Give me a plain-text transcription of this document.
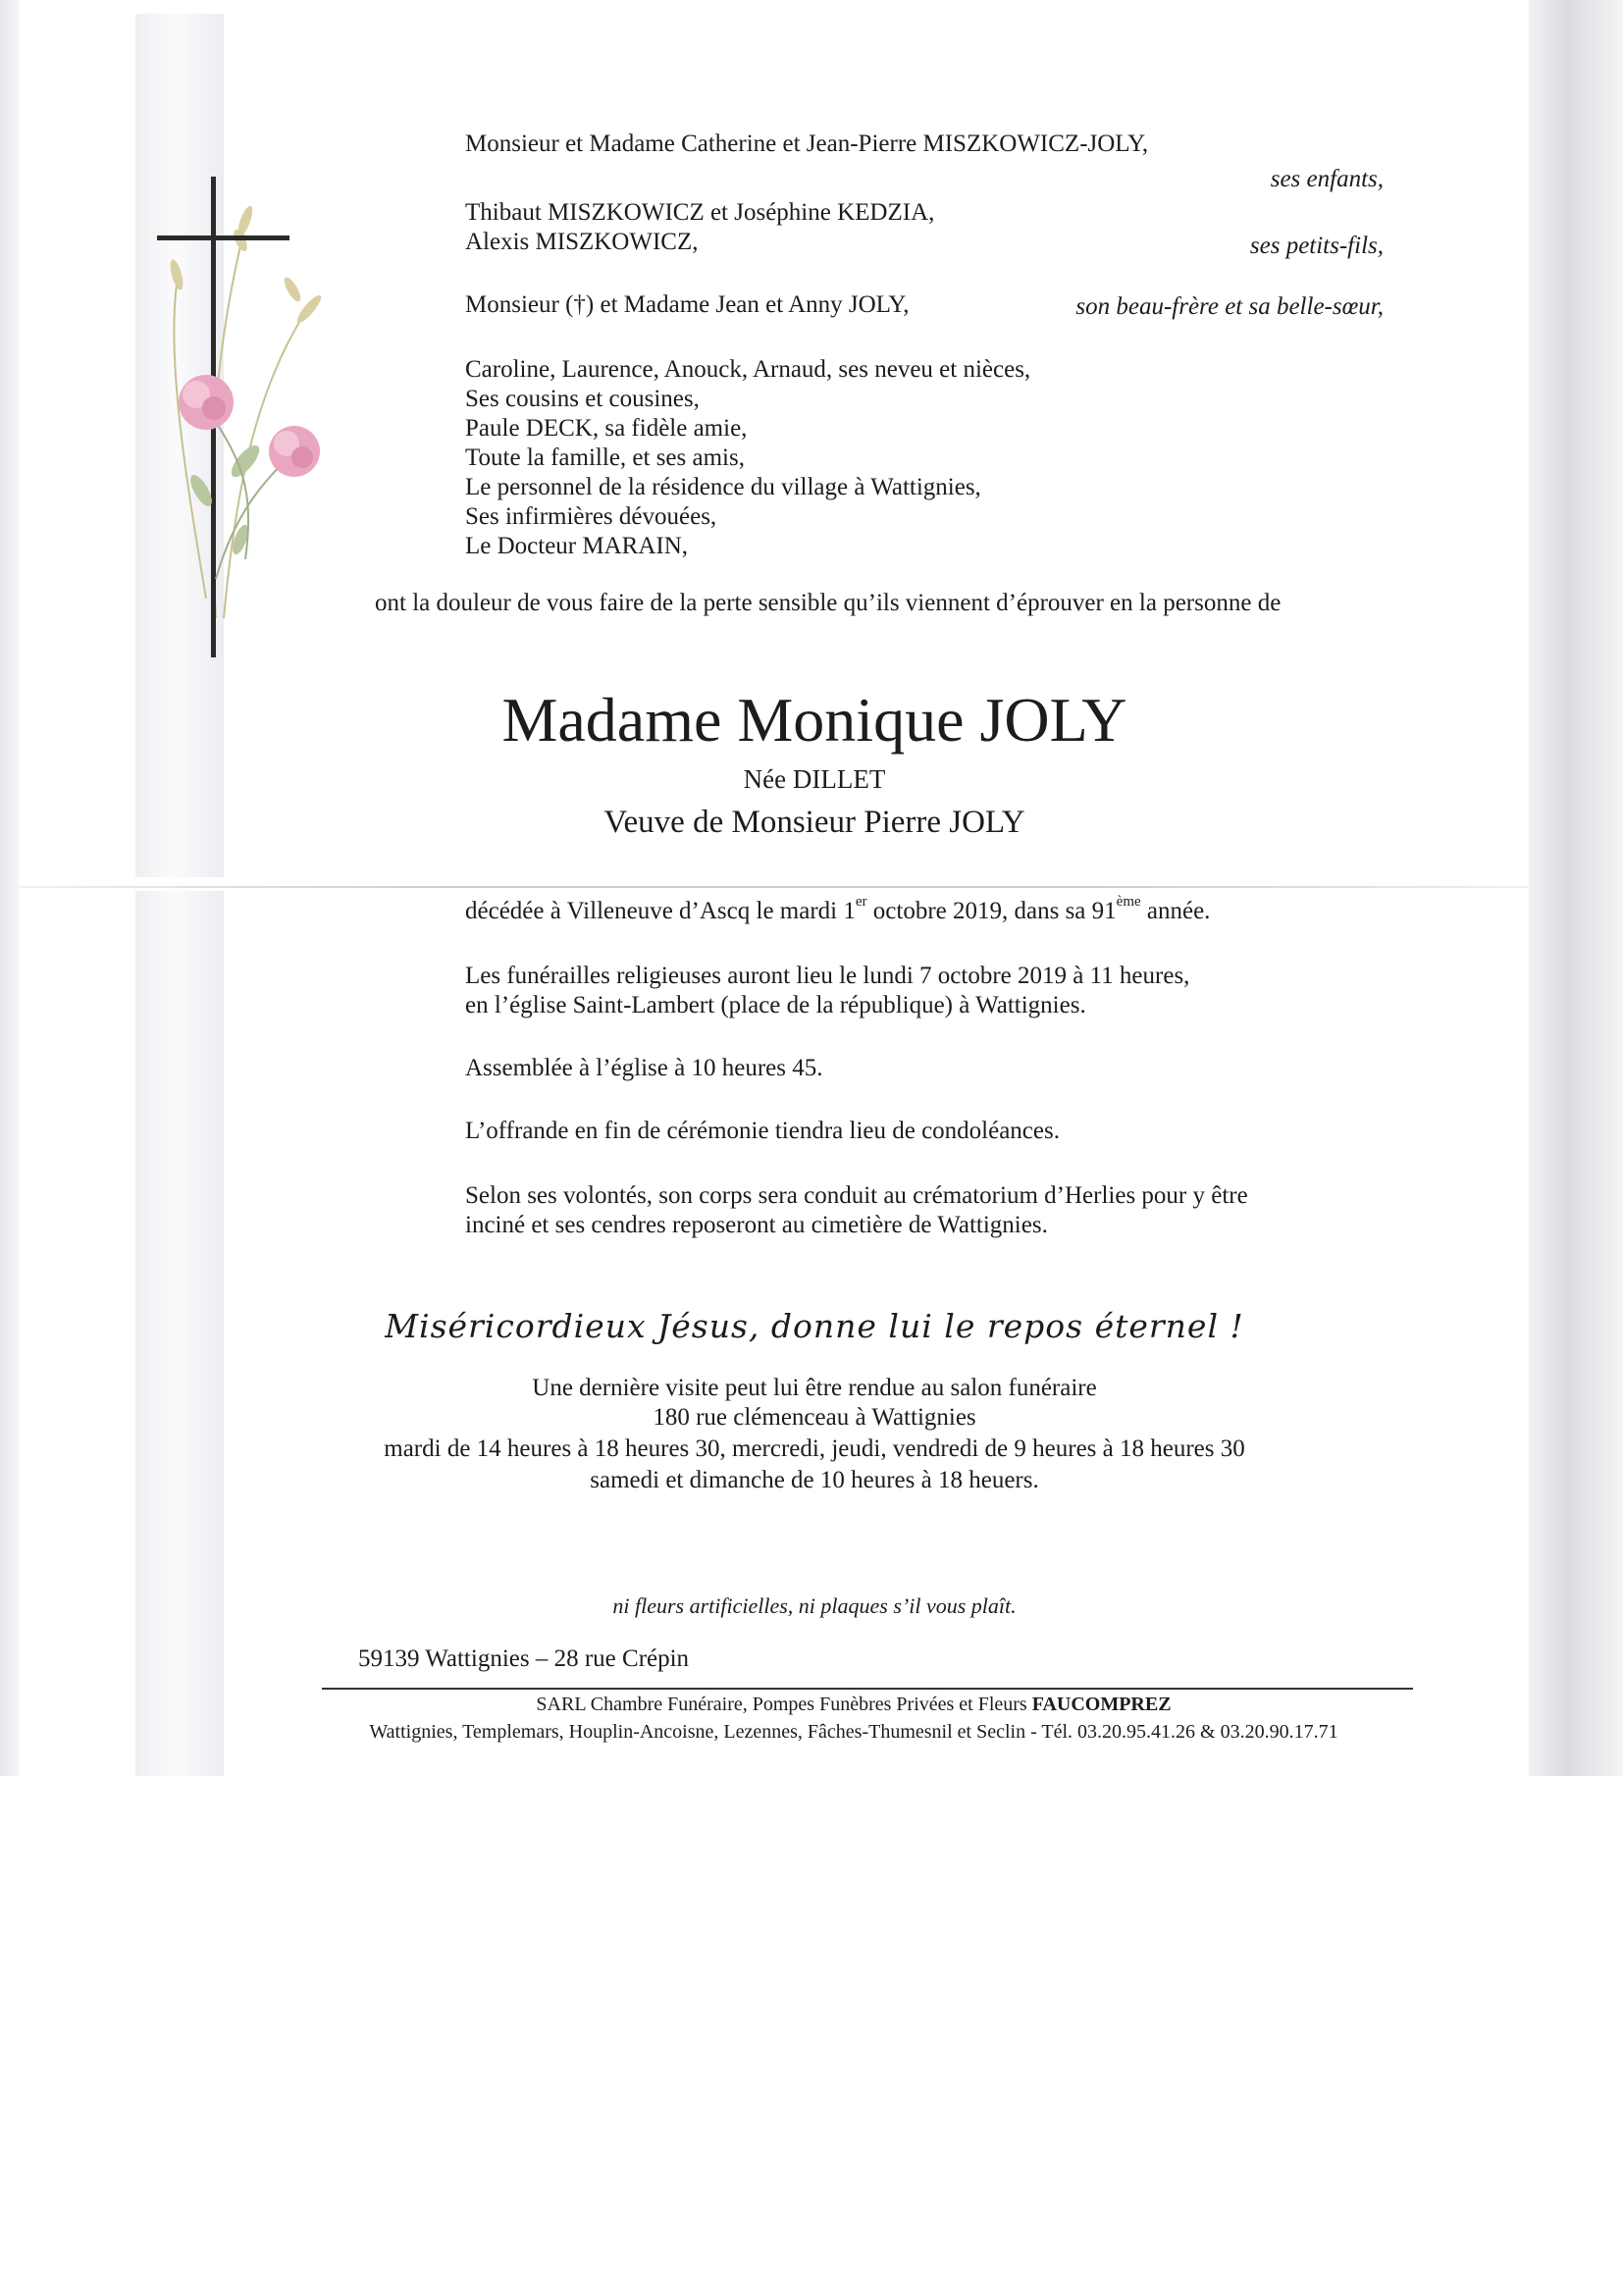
Monsieur et Madame Catherine et Jean-Pierre MISZKOWICZ-JOLY,
ses enfants,
Thibaut MISZKOWICZ et Joséphine KEDZIA,
Alexis MISZKOWICZ,	ses petits-fils,
Monsieur (†) et Madame Jean et Anny JOLY,	son beau-frère et sa belle-sœur,
Caroline, Laurence, Anouck, Arnaud, ses neveu et nièces,
Ses cousins et cousines,
Paule DECK, sa fidèle amie,
Toute la famille, et ses amis,
Le personnel de la résidence du village à Wattignies,
Ses infirmières dévouées,
Le Docteur MARAIN,
ont la douleur de vous faire de la perte sensible qu’ils viennent d’éprouver en la personne de
Madame Monique JOLY
Née DILLET
Veuve de Monsieur Pierre JOLY
décédée à Villeneuve d’Ascq le mardi 1er octobre 2019, dans sa 91ème année.
Les funérailles religieuses auront lieu le lundi 7 octobre 2019 à 11 heures,
en l’église Saint-Lambert (place de la république) à Wattignies.
Assemblée à l’église à 10 heures 45.
L’offrande en fin de cérémonie tiendra lieu de condoléances.
Selon ses volontés, son corps sera conduit au crématorium d’Herlies pour y être
inciné et ses cendres reposeront au cimetière de Wattignies.
Miséricordieux Jésus, donne lui le repos éternel !
Une dernière visite peut lui être rendue au salon funéraire
180 rue clémenceau à Wattignies
mardi de 14 heures à 18 heures 30, mercredi, jeudi, vendredi de 9 heures à 18 heures 30
samedi et dimanche de 10 heures à 18 heuers.
ni fleurs artificielles, ni plaques s’il vous plaît.
59139 Wattignies – 28 rue Crépin
SARL Chambre Funéraire, Pompes Funèbres Privées et Fleurs FAUCOMPREZ
Wattignies, Templemars, Houplin-Ancoisne, Lezennes, Fâches-Thumesnil et Seclin - Tél. 03.20.95.41.26 & 03.20.90.17.71
